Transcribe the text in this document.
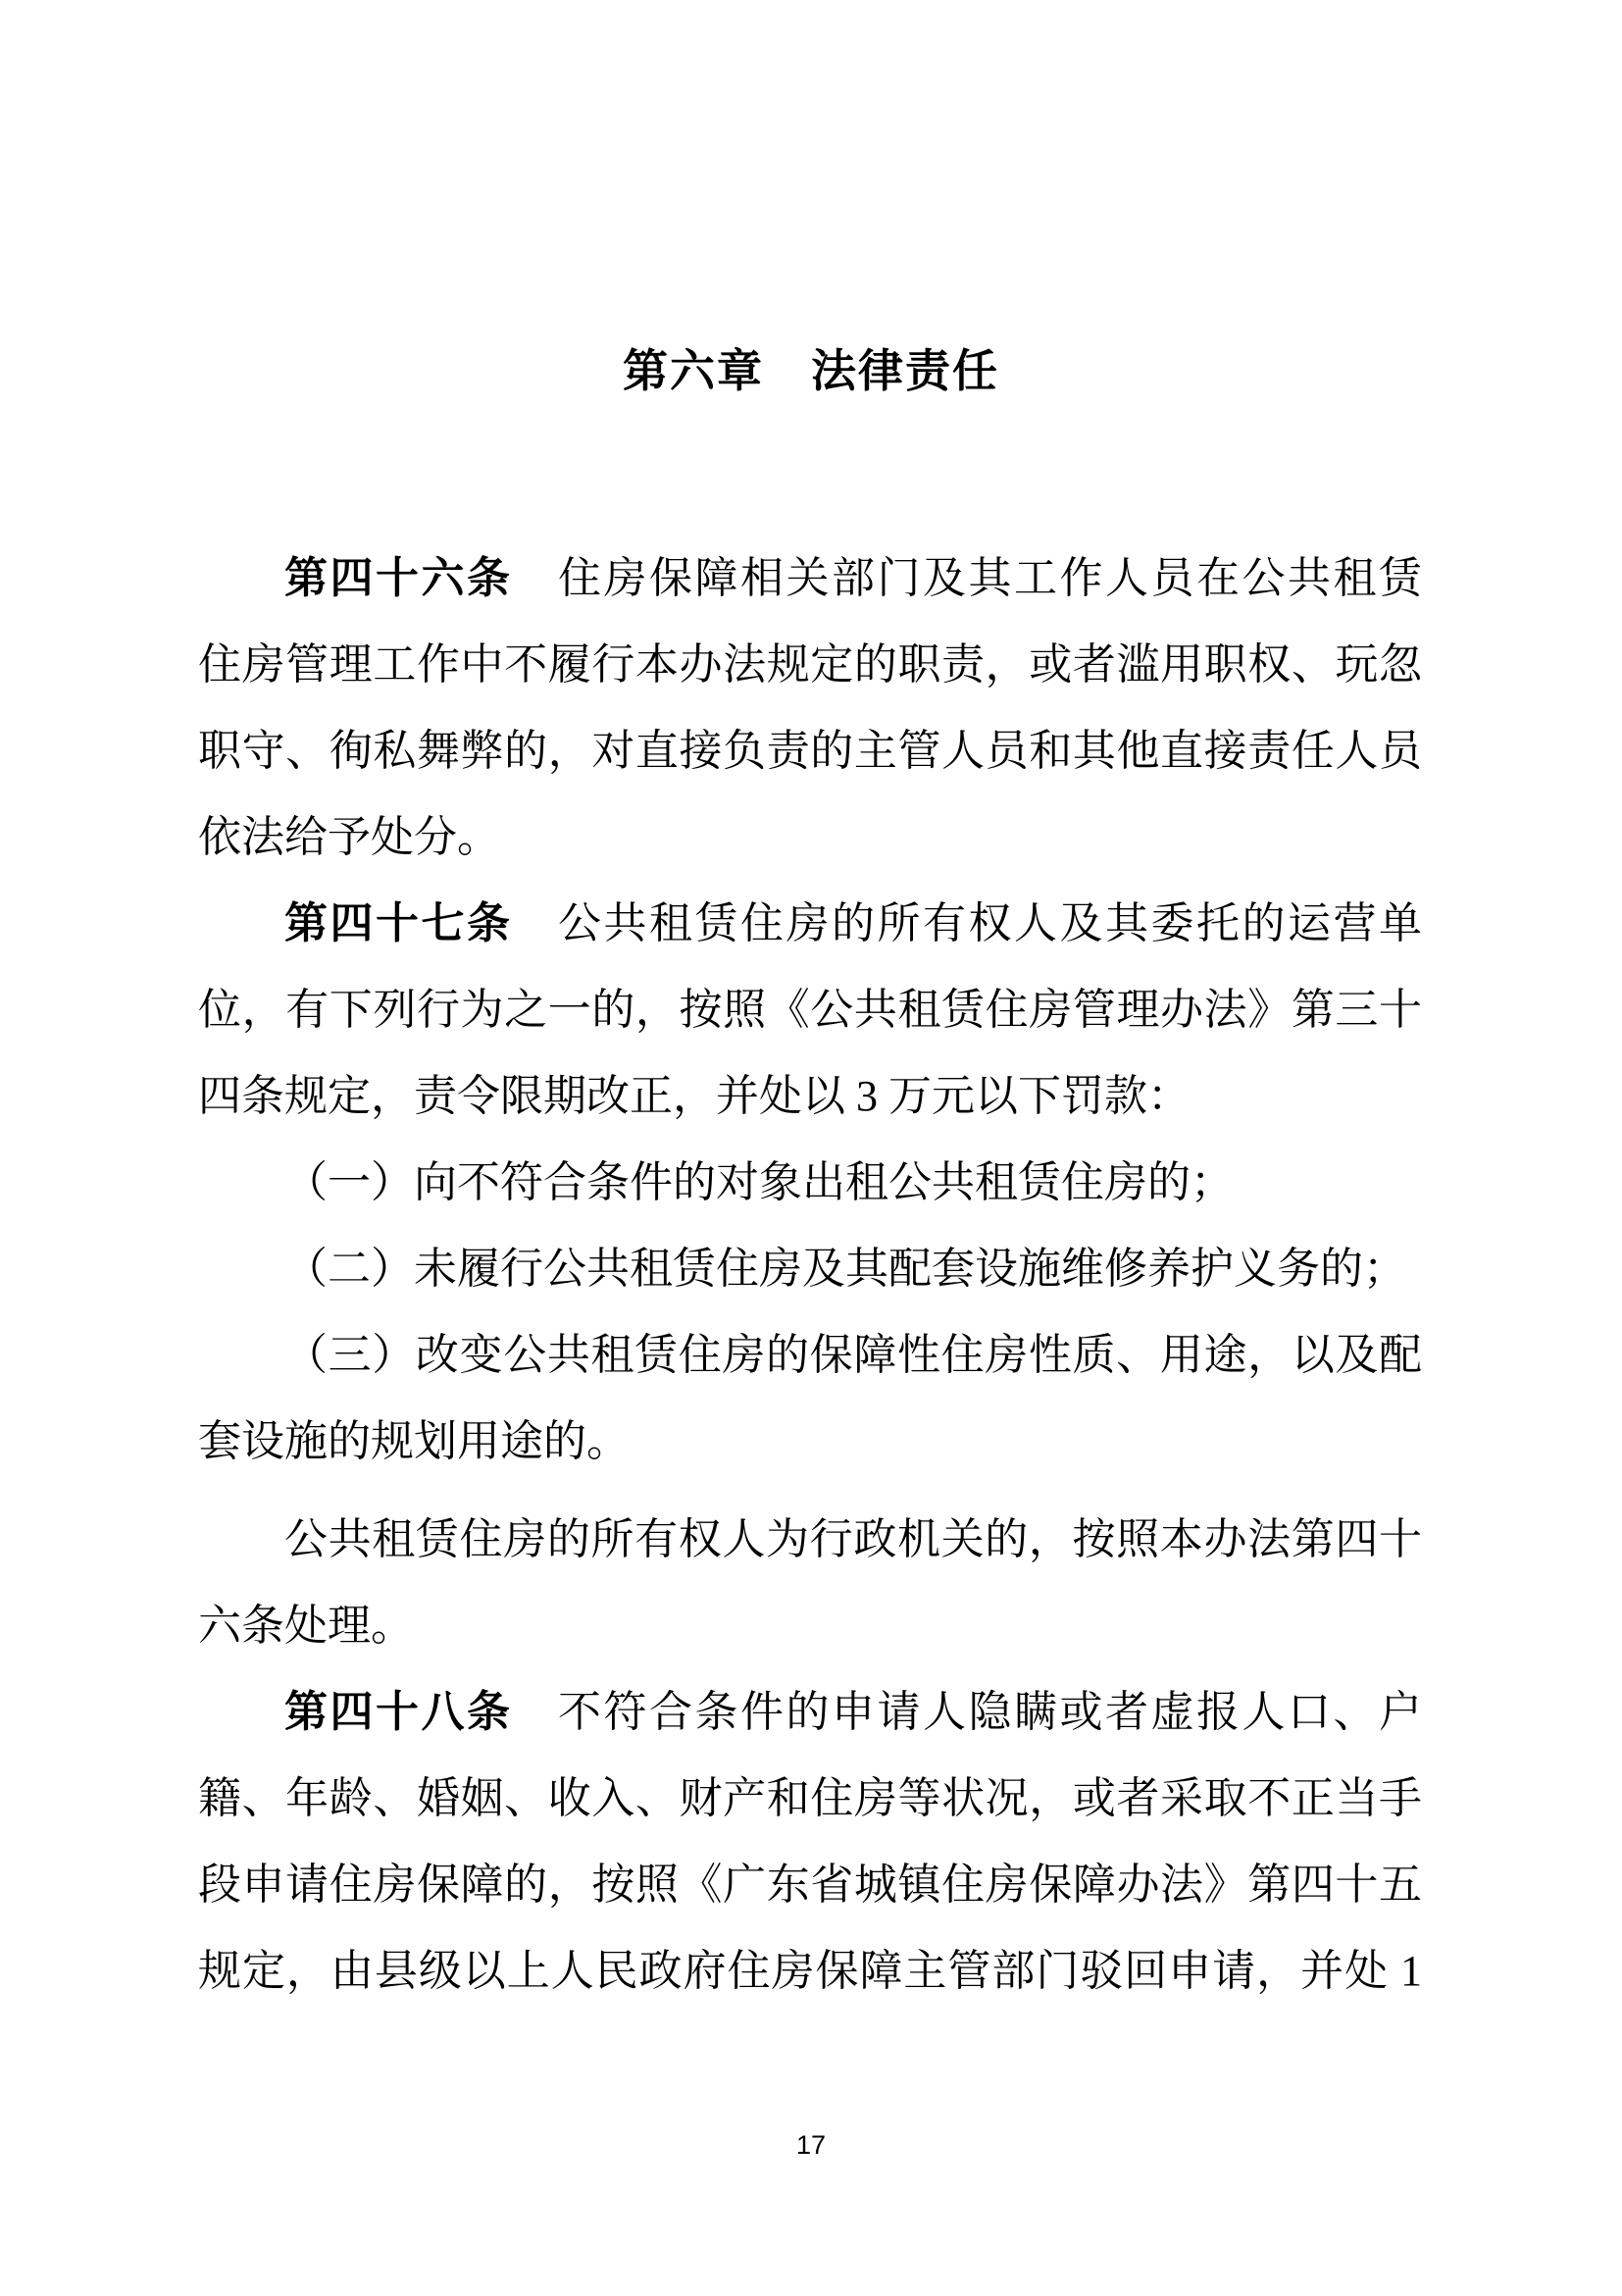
第六章　法律责任
第四十六条　住房保障相关部门及其工作人员在公共租赁
住房管理工作中不履行本办法规定的职责，或者滥用职权、玩忽
职守、徇私舞弊的，对直接负责的主管人员和其他直接责任人员
依法给予处分。
第四十七条　公共租赁住房的所有权人及其委托的运营单
位，有下列行为之一的，按照《公共租赁住房管理办法》第三十
四条规定，责令限期改正，并处以 3 万元以下罚款：
（一）向不符合条件的对象出租公共租赁住房的；
（二）未履行公共租赁住房及其配套设施维修养护义务的；
（三）改变公共租赁住房的保障性住房性质、用途，以及配
套设施的规划用途的。
公共租赁住房的所有权人为行政机关的，按照本办法第四十
六条处理。
第四十八条　不符合条件的申请人隐瞒或者虚报人口、户
籍、年龄、婚姻、收入、财产和住房等状况，或者采取不正当手
段申请住房保障的，按照《广东省城镇住房保障办法》第四十五
规定，由县级以上人民政府住房保障主管部门驳回申请，并处 1
17
